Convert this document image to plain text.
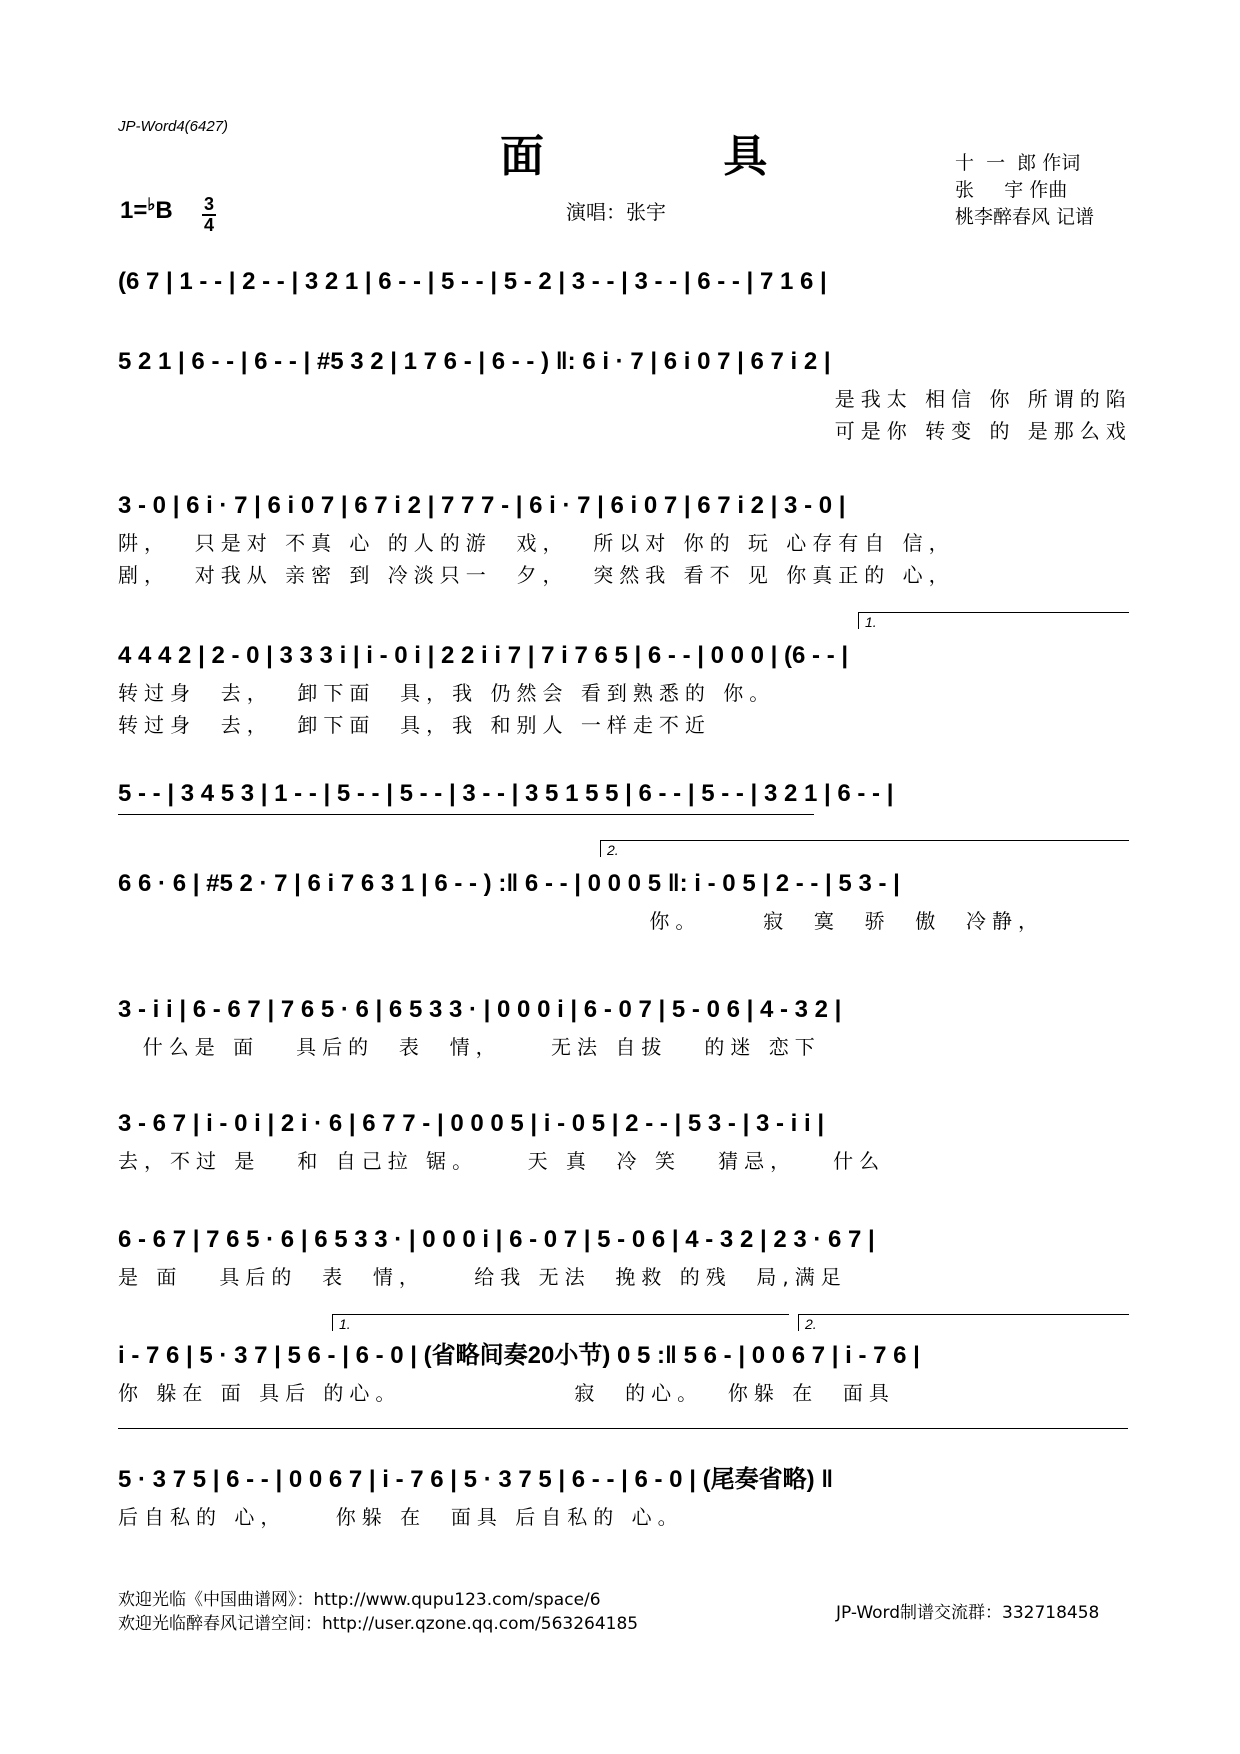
JP-Word4(6427)
面 具	十  一  郎 作词
张     宇 作曲
桃李醉春风 记谱
1=♭B 3
4
演唱：张宇
(6 7 | 1 - - | 2 - - | 3 2 1 | 6 - - | 5 - - | 5 - 2 | 3 - - | 3 - - | 6 - - | 7 1 6 |
5 2 1 | 6 - - | 6 - - | #5 3 2 | 1 7 6 - | 6 - - ) ‖: 6 i · 7 | 6 i 0 7 | 6 7 i 2 |
是我太 相信 你 所谓的陷
可是你 转变 的 是那么戏
3 - 0 | 6 i · 7 | 6 i 0 7 | 6 7 i 2 | 7 7 7 - | 6 i · 7 | 6 i 0 7 | 6 7 i 2 | 3 - 0 |
阱，  只是对 不真 心 的人的游  戏，  所以对 你的 玩 心存有自 信，
剧，  对我从 亲密 到 冷淡只一  夕，  突然我 看不 见 你真正的 心，
1.
4 4 4 2 | 2 - 0 | 3 3 3 i | i - 0 i | 2 2 i i 7 | 7 i 7 6 5 | 6 - - | 0 0 0 | (6 - - |
转过身  去，  卸下面  具，我 仍然会 看到熟悉的 你。
转过身  去，  卸下面  具，我 和别人 一样走不近
5 - - | 3 4 5 3 | 1 - - | 5 - - | 5 - - | 3 - - | 3 5 1 5 5 | 6 - - | 5 - - | 3 2 1 | 6 - - |
2.
6 6 · 6 | #5 2 · 7 | 6 i 7 6 3 1 | 6 - - ) :‖ 6 - - | 0 0 0 5 ‖: i - 0 5 | 2 - - | 5 3 - |
你。     寂  寞  骄  傲  冷静，
3 - i i | 6 - 6 7 | 7 6 5 · 6 | 6 5 3 3 · | 0 0 0 i | 6 - 0 7 | 5 - 0 6 | 4 - 3 2 |
什么是 面   具后的  表  情，    无法 自拔   的迷 恋下
3 - 6 7 | i - 0 i | 2 i · 6 | 6 7 7 - | 0 0 0 5 | i - 0 5 | 2 - - | 5 3 - | 3 - i i |
去，不过 是   和 自己拉 锯。    天 真  冷 笑   猜忌，   什么
6 - 6 7 | 7 6 5 · 6 | 6 5 3 3 · | 0 0 0 i | 6 - 0 7 | 5 - 0 6 | 4 - 3 2 | 2 3 · 6 7 |
是 面   具后的  表  情，    给我 无法  挽救 的残  局,满足
1.	2.
i - 7 6 | 5 · 3 7 | 5 6 - | 6 - 0 | (省略间奏20小节) 0 5 :‖ 5 6 - | 0 0 6 7 | i - 7 6 |
你 躲在 面 具后 的心。              寂  的心。  你躲 在  面具
5 · 3 7 5 | 6 - - | 0 0 6 7 | i - 7 6 | 5 · 3 7 5 | 6 - - | 6 - 0 | (尾奏省略) ‖
后自私的 心，    你躲 在  面具 后自私的 心。
欢迎光临《中国曲谱网》：http://www.qupu123.com/space/6
欢迎光临醉春风记谱空间：http://user.qzone.qq.com/563264185
JP-Word制谱交流群：332718458
